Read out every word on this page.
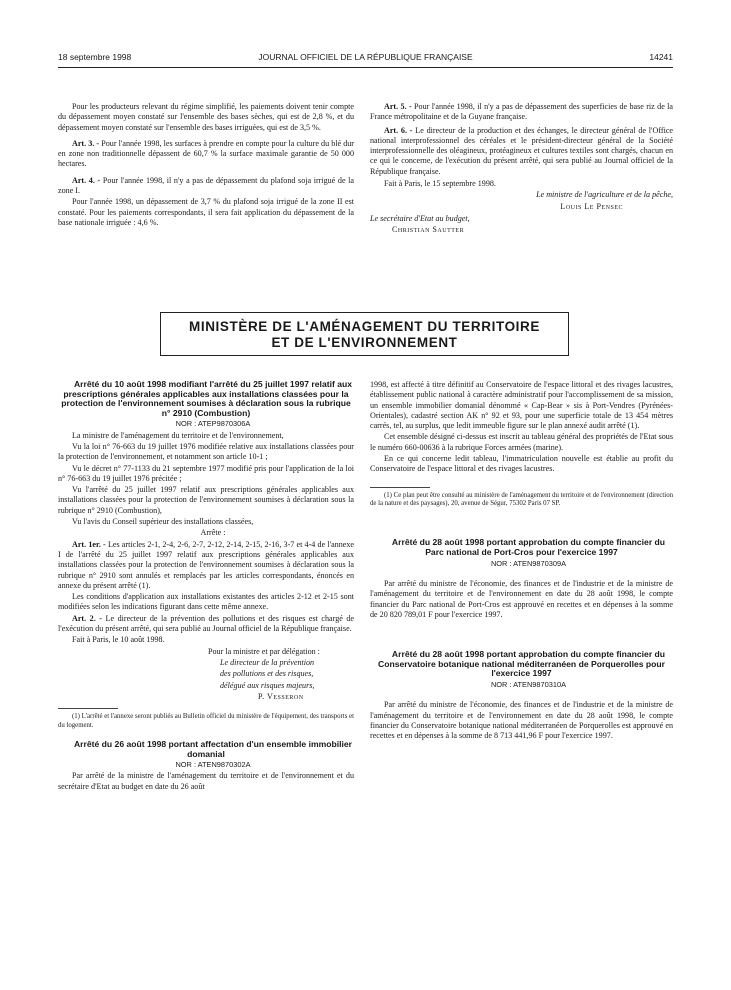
18 septembre 1998	JOURNAL OFFICIEL DE LA RÉPUBLIQUE FRANÇAISE	14241

Pour les producteurs relevant du régime simplifié, les paiements doivent tenir compte du dépassement moyen constaté sur l'ensemble des bases sèches, qui est de 2,8 %, et du dépassement moyen constaté sur l'ensemble des bases irriguées, qui est de 3,5 %.

Art. 3. - Pour l'année 1998, les surfaces à prendre en compte pour la culture du blé dur en zone non traditionnelle dépassent de 60,7 % la surface maximale garantie de 50 000 hectares.

Art. 4. - Pour l'année 1998, il n'y a pas de dépassement du plafond soja irrigué de la zone I.

Pour l'année 1998, un dépassement de 3,7 % du plafond soja irrigué de la zone II est constaté. Pour les paiements correspondants, il sera fait application du dépassement de la base nationale irriguée : 4,6 %.

Art. 5. - Pour l'année 1998, il n'y a pas de dépassement des superficies de base riz de la France métropolitaine et de la Guyane française.

Art. 6. - Le directeur de la production et des échanges, le directeur général de l'Office national interprofessionnel des céréales et le président-directeur général de la Société interprofessionnelle des oléagineux, protéagineux et cultures textiles sont chargés, chacun en ce qui le concerne, de l'exécution du présent arrêté, qui sera publié au Journal officiel de la République française.

Fait à Paris, le 15 septembre 1998.

Le ministre de l'agriculture et de la pêche,

Louis Le Pensec

Le secrétaire d'Etat au budget,

Christian Sautter

MINISTÈRE DE L'AMÉNAGEMENT DU TERRITOIRE
ET DE L'ENVIRONNEMENT

Arrêté du 10 août 1998 modifiant l'arrêté du 25 juillet 1997 relatif aux prescriptions générales applicables aux installations classées pour la protection de l'environnement soumises à déclaration sous la rubrique n° 2910 (Combustion)

NOR : ATEP9870306A

La ministre de l'aménagement du territoire et de l'environnement,

Vu la loi n° 76-663 du 19 juillet 1976 modifiée relative aux installations classées pour la protection de l'environnement, et notamment son article 10-1 ;

Vu le décret n° 77-1133 du 21 septembre 1977 modifié pris pour l'application de la loi n° 76-663 du 19 juillet 1976 précitée ;

Vu l'arrêté du 25 juillet 1997 relatif aux prescriptions générales applicables aux installations classées pour la protection de l'environnement soumises à déclaration sous la rubrique n° 2910 (Combustion),

Vu l'avis du Conseil supérieur des installations classées,

Arrête :

Art. 1er. - Les articles 2-1, 2-4, 2-6, 2-7, 2-12, 2-14, 2-15, 2-16, 3-7 et 4-4 de l'annexe I de l'arrêté du 25 juillet 1997 relatif aux prescriptions générales applicables aux installations classées pour la protection de l'environnement soumises à déclaration sous la rubrique n° 2910 sont annulés et remplacés par les articles correspondants, énoncés en annexe du présent arrêté (1).

Les conditions d'application aux installations existantes des articles 2-12 et 2-15 sont modifiées selon les indications figurant dans cette même annexe.

Art. 2. - Le directeur de la prévention des pollutions et des risques est chargé de l'exécution du présent arrêté, qui sera publié au Journal officiel de la République française.

Fait à Paris, le 10 août 1998.

Pour la ministre et par délégation :

Le directeur de la prévention

des pollutions et des risques,

délégué aux risques majeurs,

P. Vesseron

(1) L'arrêté et l'annexe seront publiés au Bulletin officiel du ministère de l'équipement, des transports et du logement.

Arrêté du 26 août 1998 portant affectation d'un ensemble immobilier domanial

NOR : ATEN9870302A

Par arrêté de la ministre de l'aménagement du territoire et de l'environnement et du secrétaire d'Etat au budget en date du 26 août

1998, est affecté à titre définitif au Conservatoire de l'espace littoral et des rivages lacustres, établissement public national à caractère administratif pour l'accomplissement de sa mission, un ensemble immobilier domanial dénommé « Cap-Bear » sis à Port-Vendres (Pyrénées-Orientales), cadastré section AK n° 92 et 93, pour une superficie totale de 13 454 mètres carrés, tel, au surplus, que ledit immeuble figure sur le plan annexé audit arrêté (1).

Cet ensemble désigné ci-dessus est inscrit au tableau général des propriétés de l'Etat sous le numéro 660-00636 à la rubrique Forces armées (marine).

En ce qui concerne ledit tableau, l'immatriculation nouvelle est établie au profit du Conservatoire de l'espace littoral et des rivages lacustres.

(1) Ce plan peut être consulté au ministère de l'aménagement du territoire et de l'environnement (direction de la nature et des paysages), 20, avenue de Ségur, 75302 Paris 07 SP.

Arrêté du 28 août 1998 portant approbation du compte financier du Parc national de Port-Cros pour l'exercice 1997

NOR : ATEN9870309A

Par arrêté du ministre de l'économie, des finances et de l'industrie et de la ministre de l'aménagement du territoire et de l'environnement en date du 28 août 1998, le compte financier du Parc national de Port-Cros est approuvé en recettes et en dépenses à la somme de 20 820 789,01 F pour l'exercice 1997.

Arrêté du 28 août 1998 portant approbation du compte financier du Conservatoire botanique national méditerranéen de Porquerolles pour l'exercice 1997

NOR : ATEN9870310A

Par arrêté du ministre de l'économie, des finances et de l'industrie et de la ministre de l'aménagement du territoire et de l'environnement en date du 28 août 1998, le compte financier du Conservatoire botanique national méditerranéen de Porquerolles est approuvé en recettes et en dépenses à la somme de 8 713 441,96 F pour l'exercice 1997.
